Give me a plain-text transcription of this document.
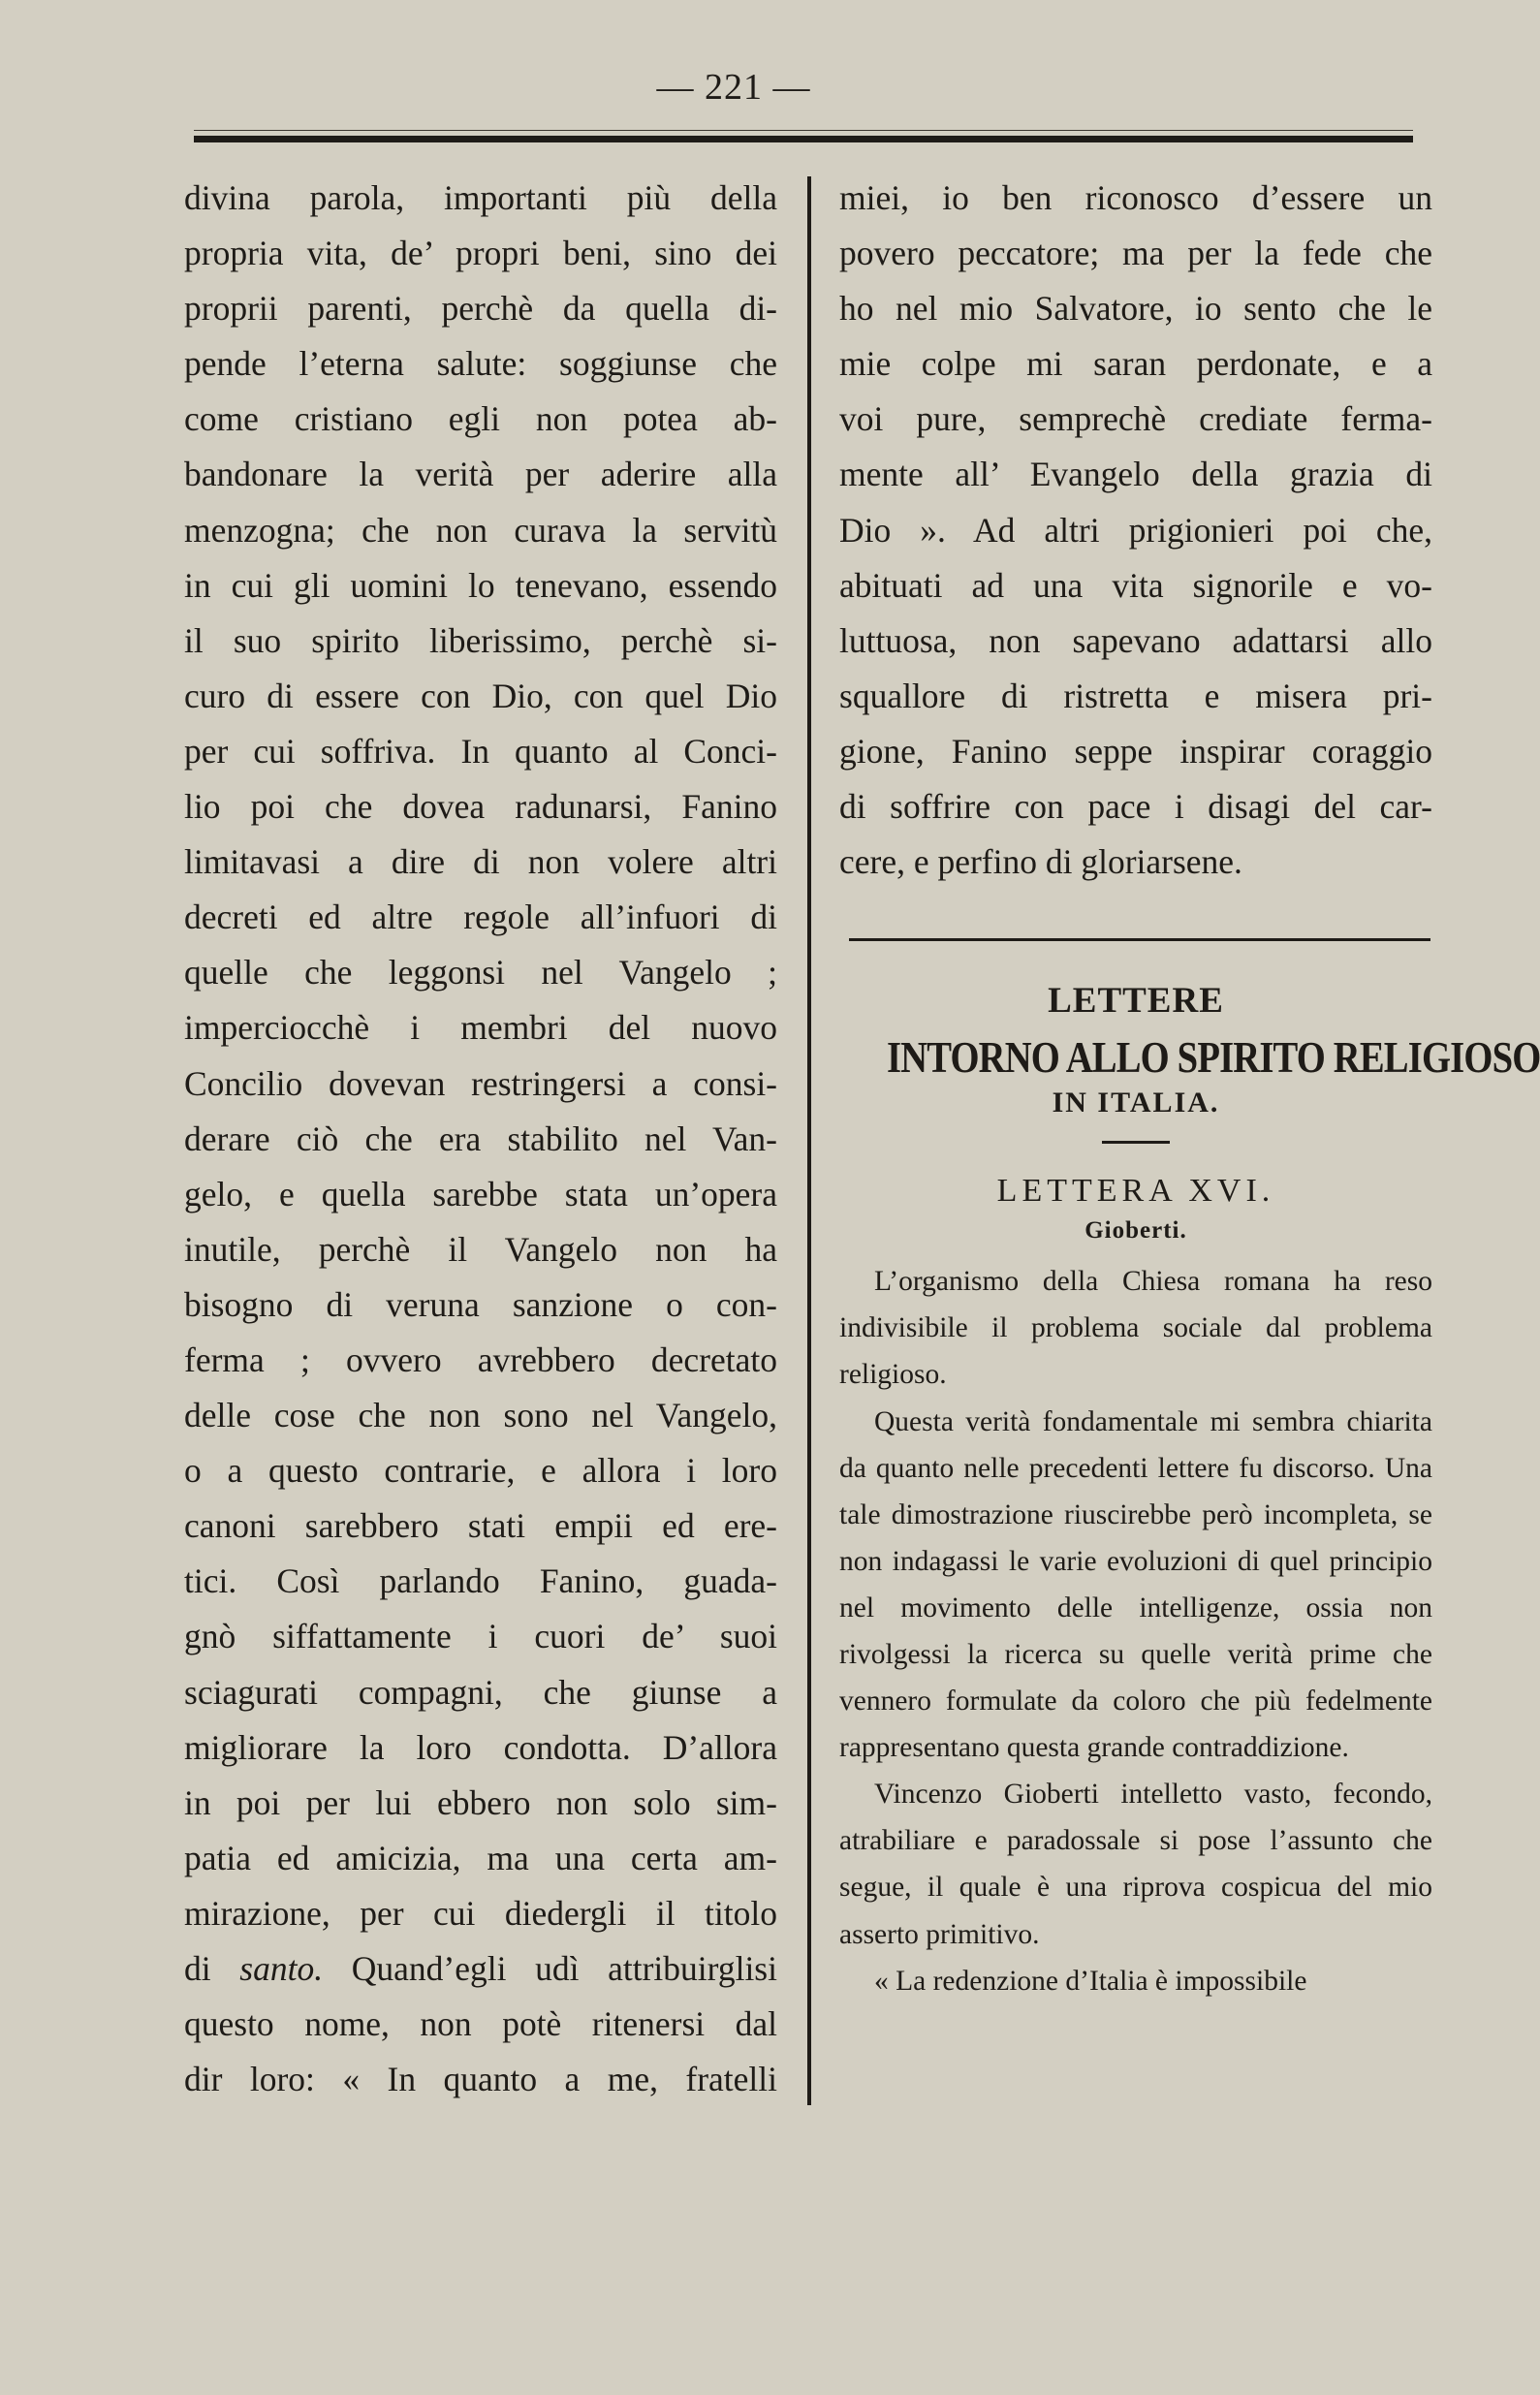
— 221 —

divina parola, importanti più della
propria vita, de’ propri beni, sino dei
proprii parenti, perchè da quella di-
pende l’eterna salute: soggiunse che
come cristiano egli non potea ab-
bandonare la verità per aderire alla
menzogna; che non curava la servitù
in cui gli uomini lo tenevano, essendo
il suo spirito liberissimo, perchè si-
curo di essere con Dio, con quel Dio
per cui soffriva. In quanto al Conci-
lio poi che dovea radunarsi, Fanino
limitavasi a dire di non volere altri
decreti ed altre regole all’infuori di
quelle che leggonsi nel Vangelo ;
imperciocchè i membri del nuovo
Concilio dovevan restringersi a consi-
derare ciò che era stabilito nel Van-
gelo, e quella sarebbe stata un’opera
inutile, perchè il Vangelo non ha
bisogno di veruna sanzione o con-
ferma ; ovvero avrebbero decretato
delle cose che non sono nel Vangelo,
o a questo contrarie, e allora i loro
canoni sarebbero stati empii ed ere-
tici. Così parlando Fanino, guada-
gnò siffattamente i cuori de’ suoi
sciagurati compagni, che giunse a
migliorare la loro condotta. D’allora
in poi per lui ebbero non solo sim-
patia ed amicizia, ma una certa am-
mirazione, per cui diedergli il titolo
di santo. Quand’egli udì attribuirglisi
questo nome, non potè ritenersi dal
dir loro: « In quanto a me, fratelli

miei, io ben riconosco d’essere un
povero peccatore; ma per la fede che
ho nel mio Salvatore, io sento che le
mie colpe mi saran perdonate, e a
voi pure, semprechè crediate ferma-
mente all’ Evangelo della grazia di
Dio ». Ad altri prigionieri poi che,
abituati ad una vita signorile e vo-
luttuosa, non sapevano adattarsi allo
squallore di ristretta e misera pri-
gione, Fanino seppe inspirar coraggio
di soffrire con pace i disagi del car-
cere, e perfino di gloriarsene.

LETTERE
INTORNO ALLO SPIRITO RELIGIOSO
IN ITALIA.
LETTERA XVI.
Gioberti.

L’organismo della Chiesa romana ha reso indivisibile il problema sociale dal problema religioso.

Questa verità fondamentale mi sembra chiarita da quanto nelle precedenti lettere fu discorso. Una tale dimostrazione riuscirebbe però incompleta, se non indagassi le varie evoluzioni di quel principio nel movimento delle intelligenze, ossia non rivolgessi la ricerca su quelle verità prime che vennero formulate da coloro che più fedelmente rappresentano questa grande contraddizione.

Vincenzo Gioberti intelletto vasto, fecondo, atrabiliare e paradossale si pose l’assunto che segue, il quale è una riprova cospicua del mio asserto primitivo.

« La redenzione d’Italia è impossibile
